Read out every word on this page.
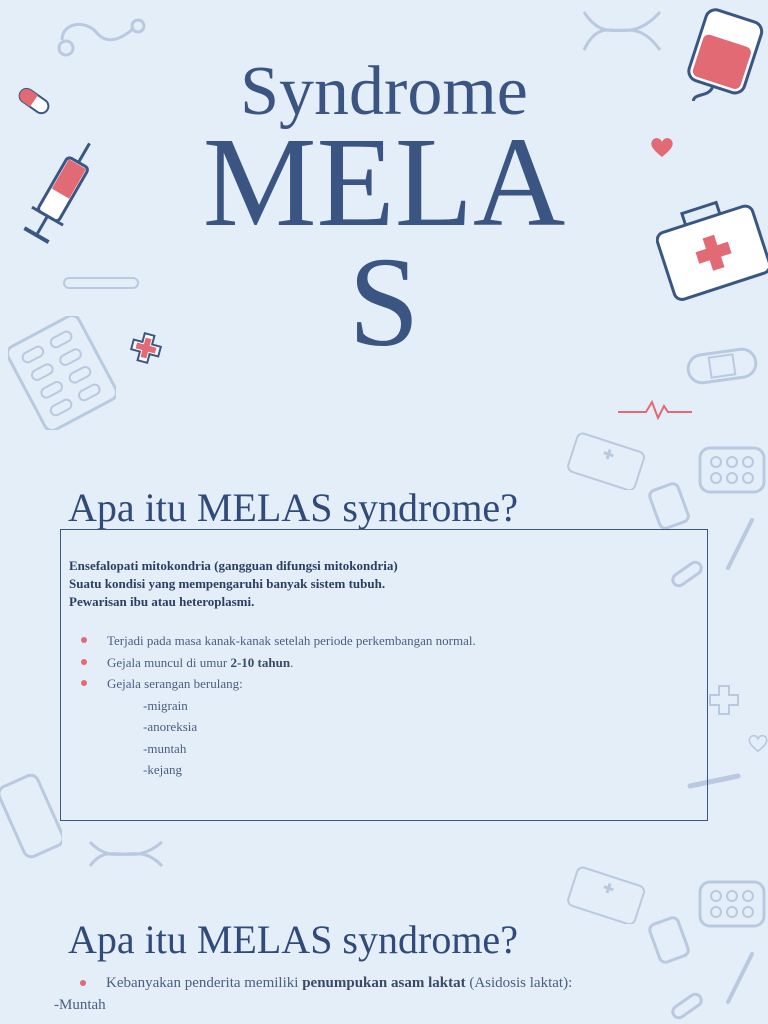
Syndrome
MELA
S
Apa itu MELAS syndrome?
Ensefalopati mitokondria (gangguan difungsi mitokondria)
Suatu kondisi yang mempengaruhi banyak sistem tubuh.
Pewarisan ibu atau heteroplasmi.
Terjadi pada masa kanak-kanak setelah periode perkembangan normal.
Gejala muncul di umur 2-10 tahun.
Gejala serangan berulang:
-migrain
-anoreksia
-muntah
-kejang
Apa itu MELAS syndrome?
Kebanyakan penderita memiliki penumpukan asam laktat (Asidosis laktat):
-Muntah
